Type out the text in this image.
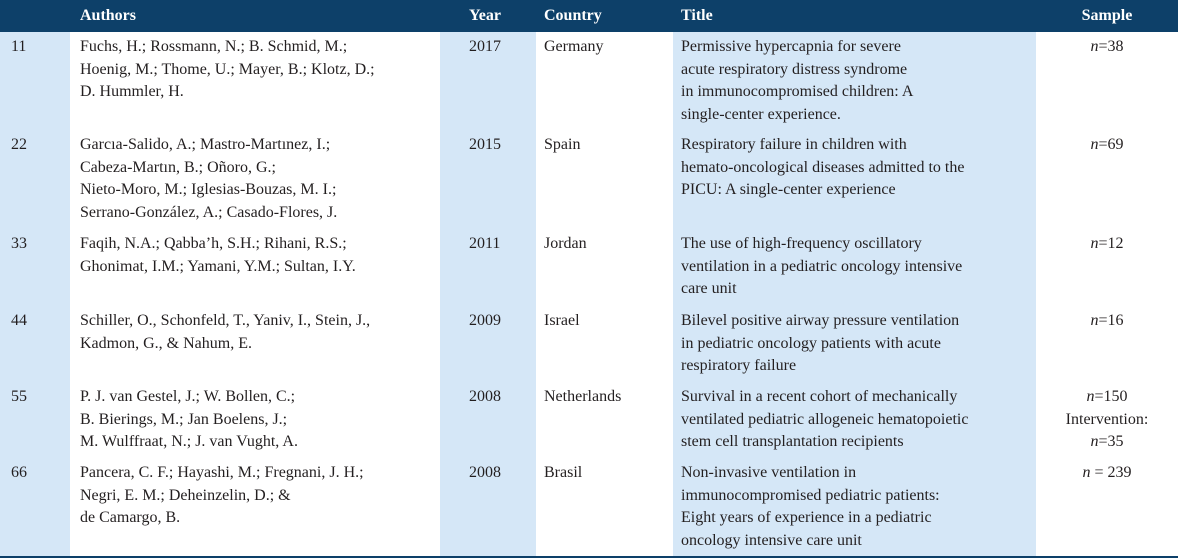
	Authors	Year	Country	Title	Sample

11	Fuchs, H.; Rossmann, N.; B. Schmid, M.;
Hoenig, M.; Thome, U.; Mayer, B.; Klotz, D.;
D. Hummler, H.	2017	Germany	Permissive hypercapnia for severe
acute respiratory distress syndrome
in immunocompromised children: A
single-center experience.	n=38

22	Garcıa-Salido, A.; Mastro-Martınez, I.;
Cabeza-Martın, B.; Oñoro, G.;
Nieto-Moro, M.; Iglesias-Bouzas, M. I.;
Serrano-González, A.; Casado-Flores, J.	2015	Spain	Respiratory failure in children with
hemato-oncological diseases admitted to the
PICU: A single-center experience	n=69

33	Faqih, N.A.; Qabba’h, S.H.; Rihani, R.S.;
Ghonimat, I.M.; Yamani, Y.M.; Sultan, I.Y.	2011	Jordan	The use of high-frequency oscillatory
ventilation in a pediatric oncology intensive
care unit	n=12

44	Schiller, O., Schonfeld, T., Yaniv, I., Stein, J.,
Kadmon, G., & Nahum, E.	2009	Israel	Bilevel positive airway pressure ventilation
in pediatric oncology patients with acute
respiratory failure	n=16

55	P. J. van Gestel, J.; W. Bollen, C.;
B. Bierings, M.; Jan Boelens, J.;
M. Wulffraat, N.; J. van Vught, A.	2008	Netherlands	Survival in a recent cohort of mechanically
ventilated pediatric allogeneic hematopoietic
stem cell transplantation recipients	n=150
Intervention:
n=35

66	Pancera, C. F.; Hayashi, M.; Fregnani, J. H.;
Negri, E. M.; Deheinzelin, D.; &
de Camargo, B.	2008	Brasil	Non-invasive ventilation in
immunocompromised pediatric patients:
Eight years of experience in a pediatric
oncology intensive care unit	n = 239
